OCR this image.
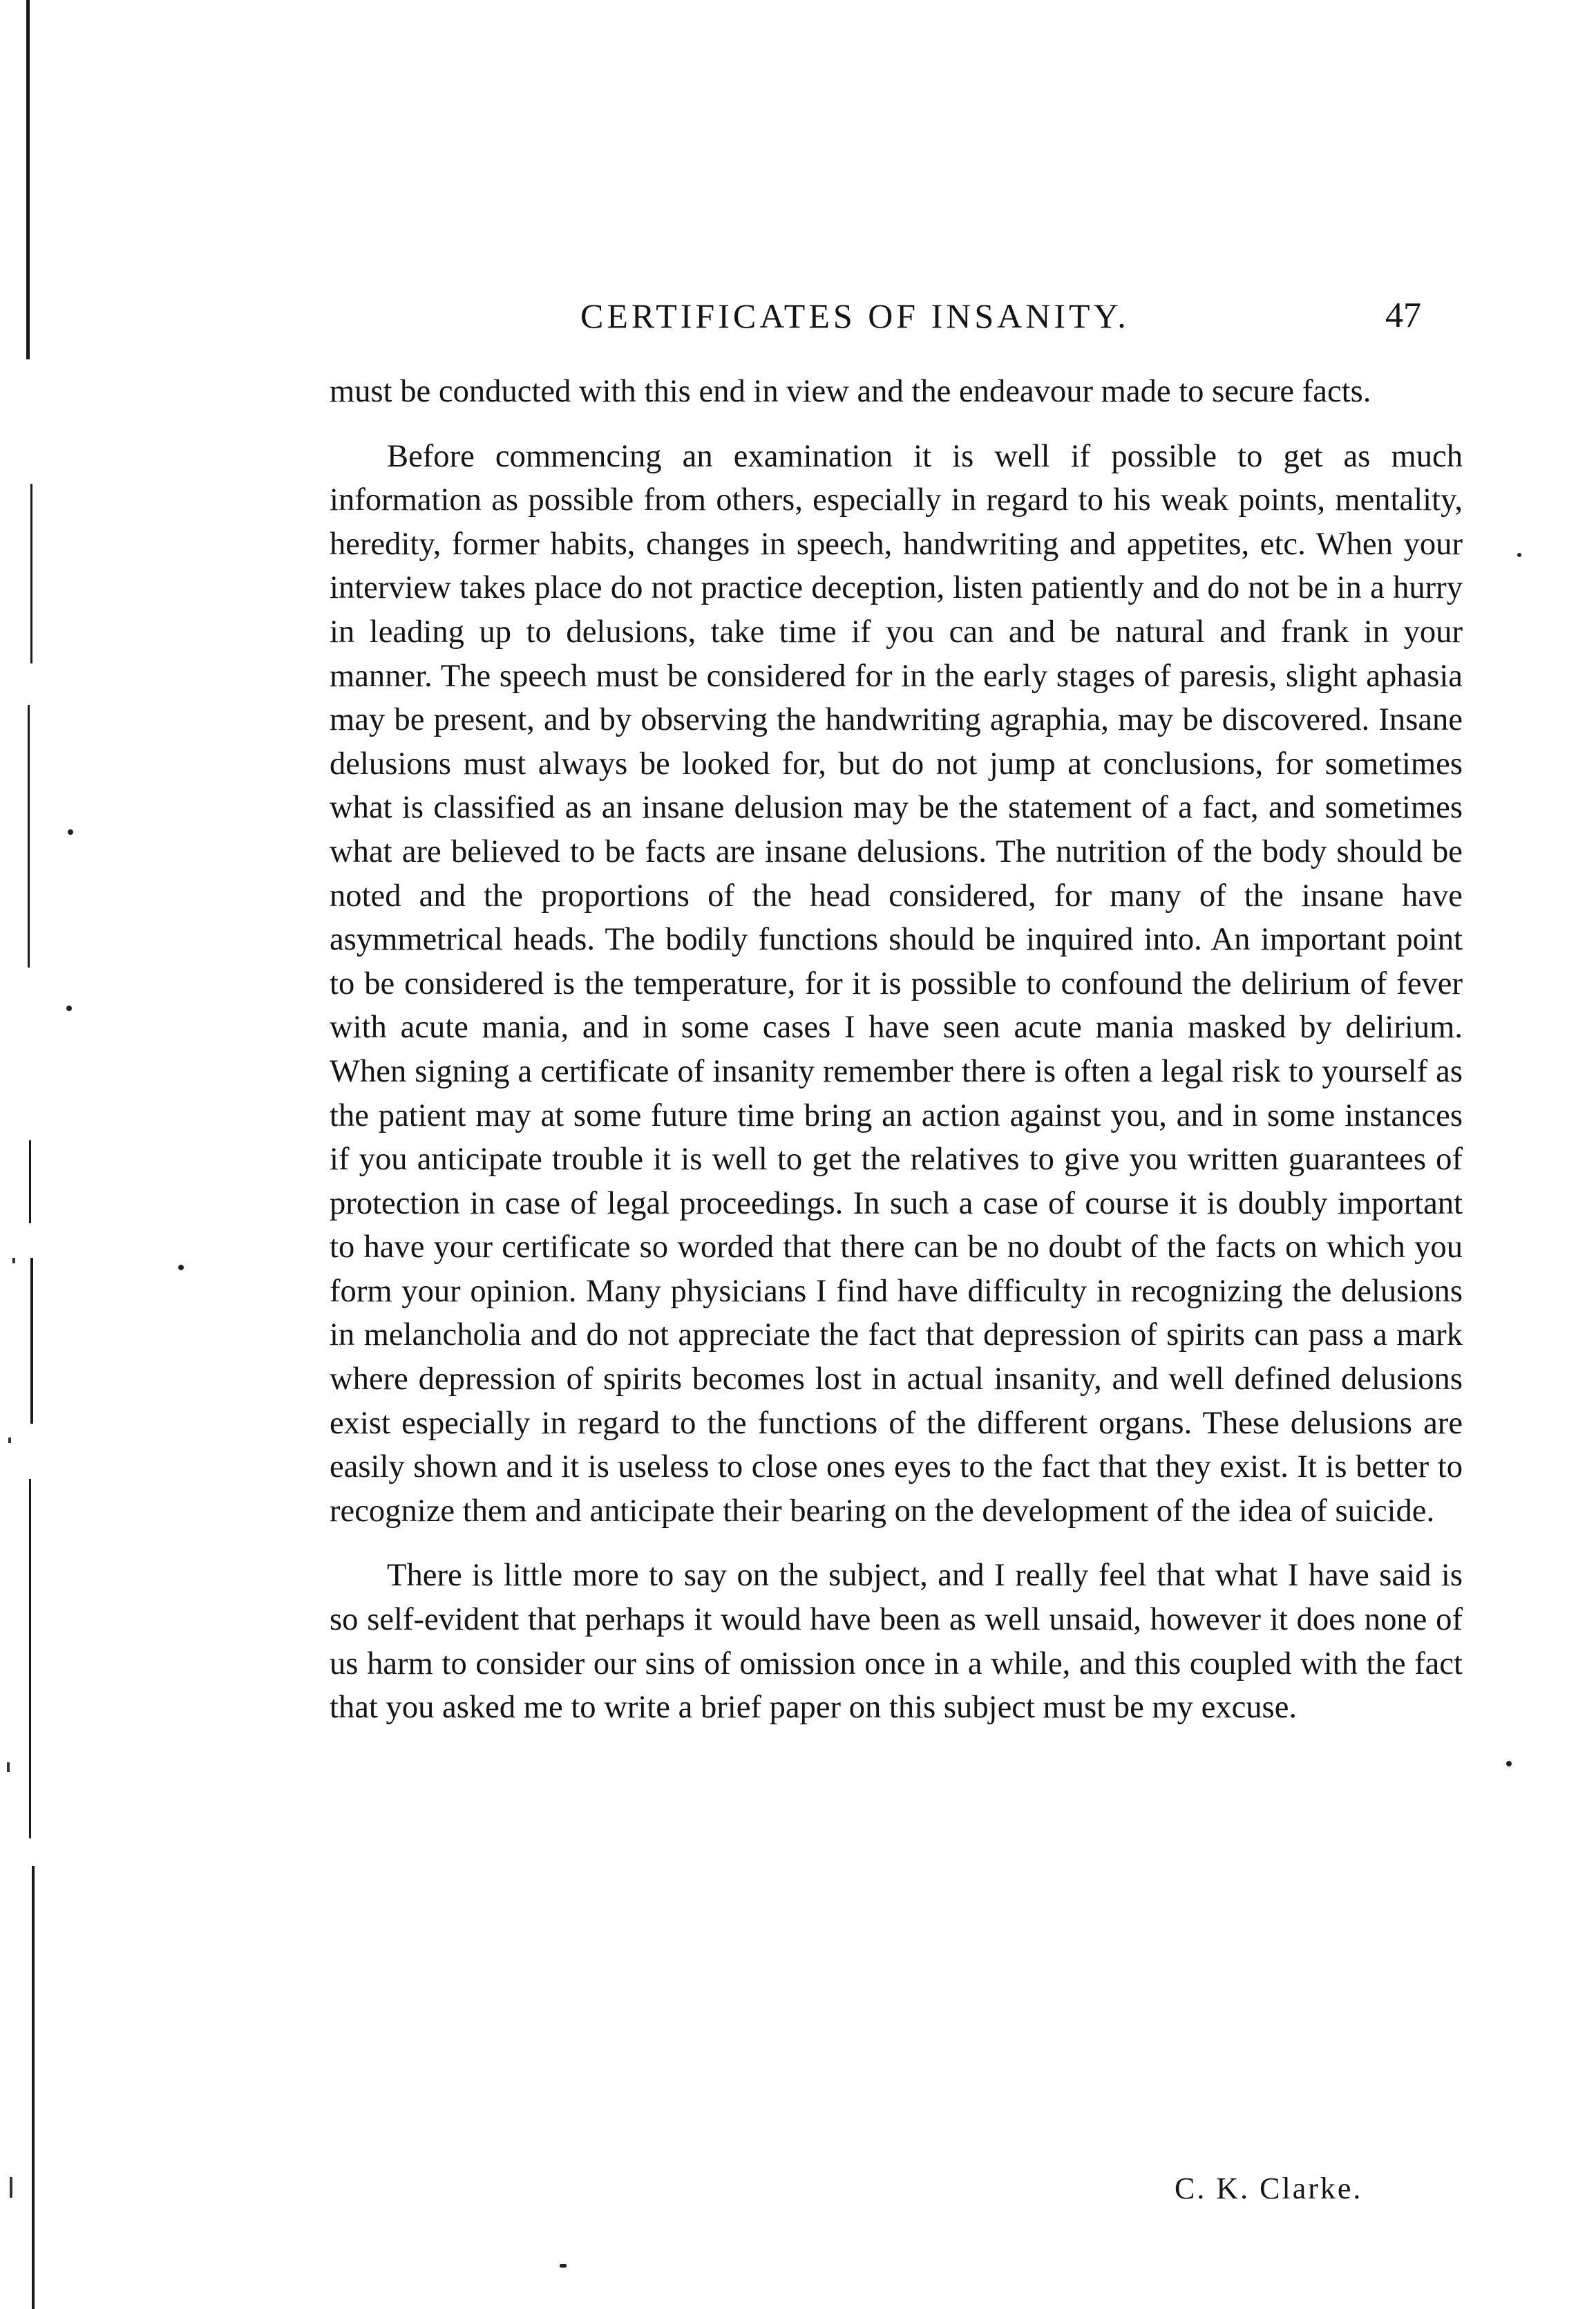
CERTIFICATES OF INSANITY.	47

must be conducted with this end in view and the endeavour made to secure facts.

Before commencing an examination it is well if possible to get as much information as possible from others, especially in regard to his weak points, mentality, heredity, former habits, changes in speech, handwriting and appetites, etc. When your interview takes place do not practice deception, listen patiently and do not be in a hurry in leading up to delusions, take time if you can and be natural and frank in your manner. The speech must be considered for in the early stages of paresis, slight aphasia may be present, and by observing the handwriting agraphia, may be discovered. Insane delusions must always be looked for, but do not jump at conclusions, for sometimes what is classified as an insane delusion may be the statement of a fact, and sometimes what are believed to be facts are insane delusions. The nutrition of the body should be noted and the proportions of the head considered, for many of the insane have asymmetrical heads. The bodily functions should be inquired into. An important point to be considered is the temperature, for it is possible to confound the delirium of fever with acute mania, and in some cases I have seen acute mania masked by delirium. When signing a certificate of insanity remember there is often a legal risk to yourself as the patient may at some future time bring an action against you, and in some instances if you anticipate trouble it is well to get the relatives to give you written guarantees of protection in case of legal proceedings. In such a case of course it is doubly important to have your certificate so worded that there can be no doubt of the facts on which you form your opinion. Many physicians I find have difficulty in recognizing the delusions in melancholia and do not appreciate the fact that depression of spirits can pass a mark where depression of spirits becomes lost in actual insanity, and well defined delusions exist especially in regard to the functions of the different organs. These delusions are easily shown and it is useless to close ones eyes to the fact that they exist. It is better to recognize them and anticipate their bearing on the development of the idea of suicide.

There is little more to say on the subject, and I really feel that what I have said is so self-evident that perhaps it would have been as well unsaid, however it does none of us harm to consider our sins of omission once in a while, and this coupled with the fact that you asked me to write a brief paper on this subject must be my excuse.

C. K. Clarke.
